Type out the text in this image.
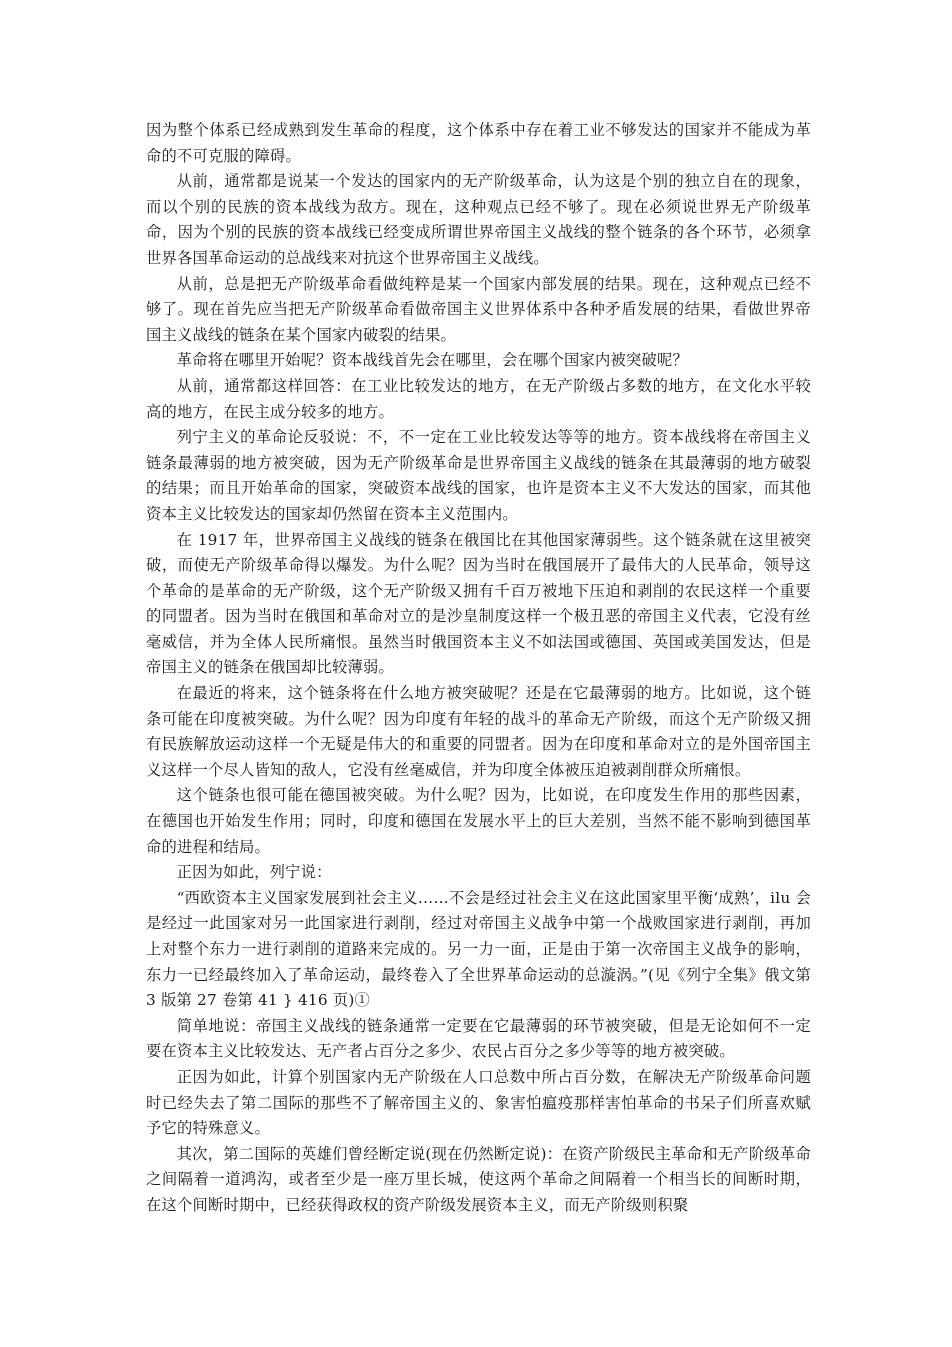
因为整个体系已经成熟到发生革命的程度，这个体系中存在着工业不够发达的国家并不能成为革命的不可克服的障碍。

从前，通常都是说某一个发达的国家内的无产阶级革命，认为这是个别的独立自在的现象，而以个别的民族的资本战线为敌方。现在，这种观点已经不够了。现在必须说世界无产阶级革命，因为个别的民族的资本战线已经变成所谓世界帝国主义战线的整个链条的各个环节，必须拿世界各国革命运动的总战线来对抗这个世界帝国主义战线。

从前，总是把无产阶级革命看做纯粹是某一个国家内部发展的结果。现在，这种观点已经不够了。现在首先应当把无产阶级革命看做帝国主义世界体系中各种矛盾发展的结果，看做世界帝国主义战线的链条在某个国家内破裂的结果。

革命将在哪里开始呢？资本战线首先会在哪里，会在哪个国家内被突破呢？

从前，通常都这样回答：在工业比较发达的地方，在无产阶级占多数的地方，在文化水平较高的地方，在民主成分较多的地方。

列宁主义的革命论反驳说：不，不一定在工业比较发达等等的地方。资本战线将在帝国主义链条最薄弱的地方被突破，因为无产阶级革命是世界帝国主义战线的链条在其最薄弱的地方破裂的结果；而且开始革命的国家，突破资本战线的国家，也许是资本主义不大发达的国家，而其他资本主义比较发达的国家却仍然留在资本主义范围内。

在 1917 年，世界帝国主义战线的链条在俄国比在其他国家薄弱些。这个链条就在这里被突破，而使无产阶级革命得以爆发。为什么呢？因为当时在俄国展开了最伟大的人民革命，领导这个革命的是革命的无产阶级，这个无产阶级又拥有千百万被地下压迫和剥削的农民这样一个重要的同盟者。因为当时在俄国和革命对立的是沙皇制度这样一个极丑恶的帝国主义代表，它没有丝毫威信，并为全体人民所痛恨。虽然当时俄国资本主义不如法国或德国、英国或美国发达，但是帝国主义的链条在俄国却比较薄弱。

在最近的将来，这个链条将在什么地方被突破呢？还是在它最薄弱的地方。比如说，这个链条可能在印度被突破。为什么呢？因为印度有年轻的战斗的革命无产阶级，而这个无产阶级又拥有民族解放运动这样一个无疑是伟大的和重要的同盟者。因为在印度和革命对立的是外国帝国主义这样一个尽人皆知的敌人，它没有丝毫威信，并为印度全体被压迫被剥削群众所痛恨。

这个链条也很可能在德国被突破。为什么呢？因为，比如说，在印度发生作用的那些因素，在德国也开始发生作用；同时，印度和德国在发展水平上的巨大差别，当然不能不影响到德国革命的进程和结局。

正因为如此，列宁说：

“西欧资本主义国家发展到社会主义……不会是经过社会主义在这此国家里平衡‘成熟’，ilu 会是经过一此国家对另一此国家进行剥削，经过对帝国主义战争中第一个战败国家进行剥削，再加上对整个东力一进行剥削的道路来完成的。另一力一面，正是由于第一次帝国主义战争的影响，东力一已经最终加入了革命运动，最终卷入了全世界革命运动的总漩涡。”(见《列宁全集》俄文第 3 版第 27 卷第 41 } 416 页)①

简单地说：帝国主义战线的链条通常一定要在它最薄弱的环节被突破，但是无论如何不一定要在资本主义比较发达、无产者占百分之多少、农民占百分之多少等等的地方被突破。

正因为如此，计算个别国家内无产阶级在人口总数中所占百分数，在解决无产阶级革命问题时已经失去了第二国际的那些不了解帝国主义的、象害怕瘟疫那样害怕革命的书呆子们所喜欢赋予它的特殊意义。

其次，第二国际的英雄们曾经断定说(现在仍然断定说)：在资产阶级民主革命和无产阶级革命之间隔着一道鸿沟，或者至少是一座万里长城，使这两个革命之间隔着一个相当长的间断时期，在这个间断时期中，已经获得政权的资产阶级发展资本主义，而无产阶级则积聚
